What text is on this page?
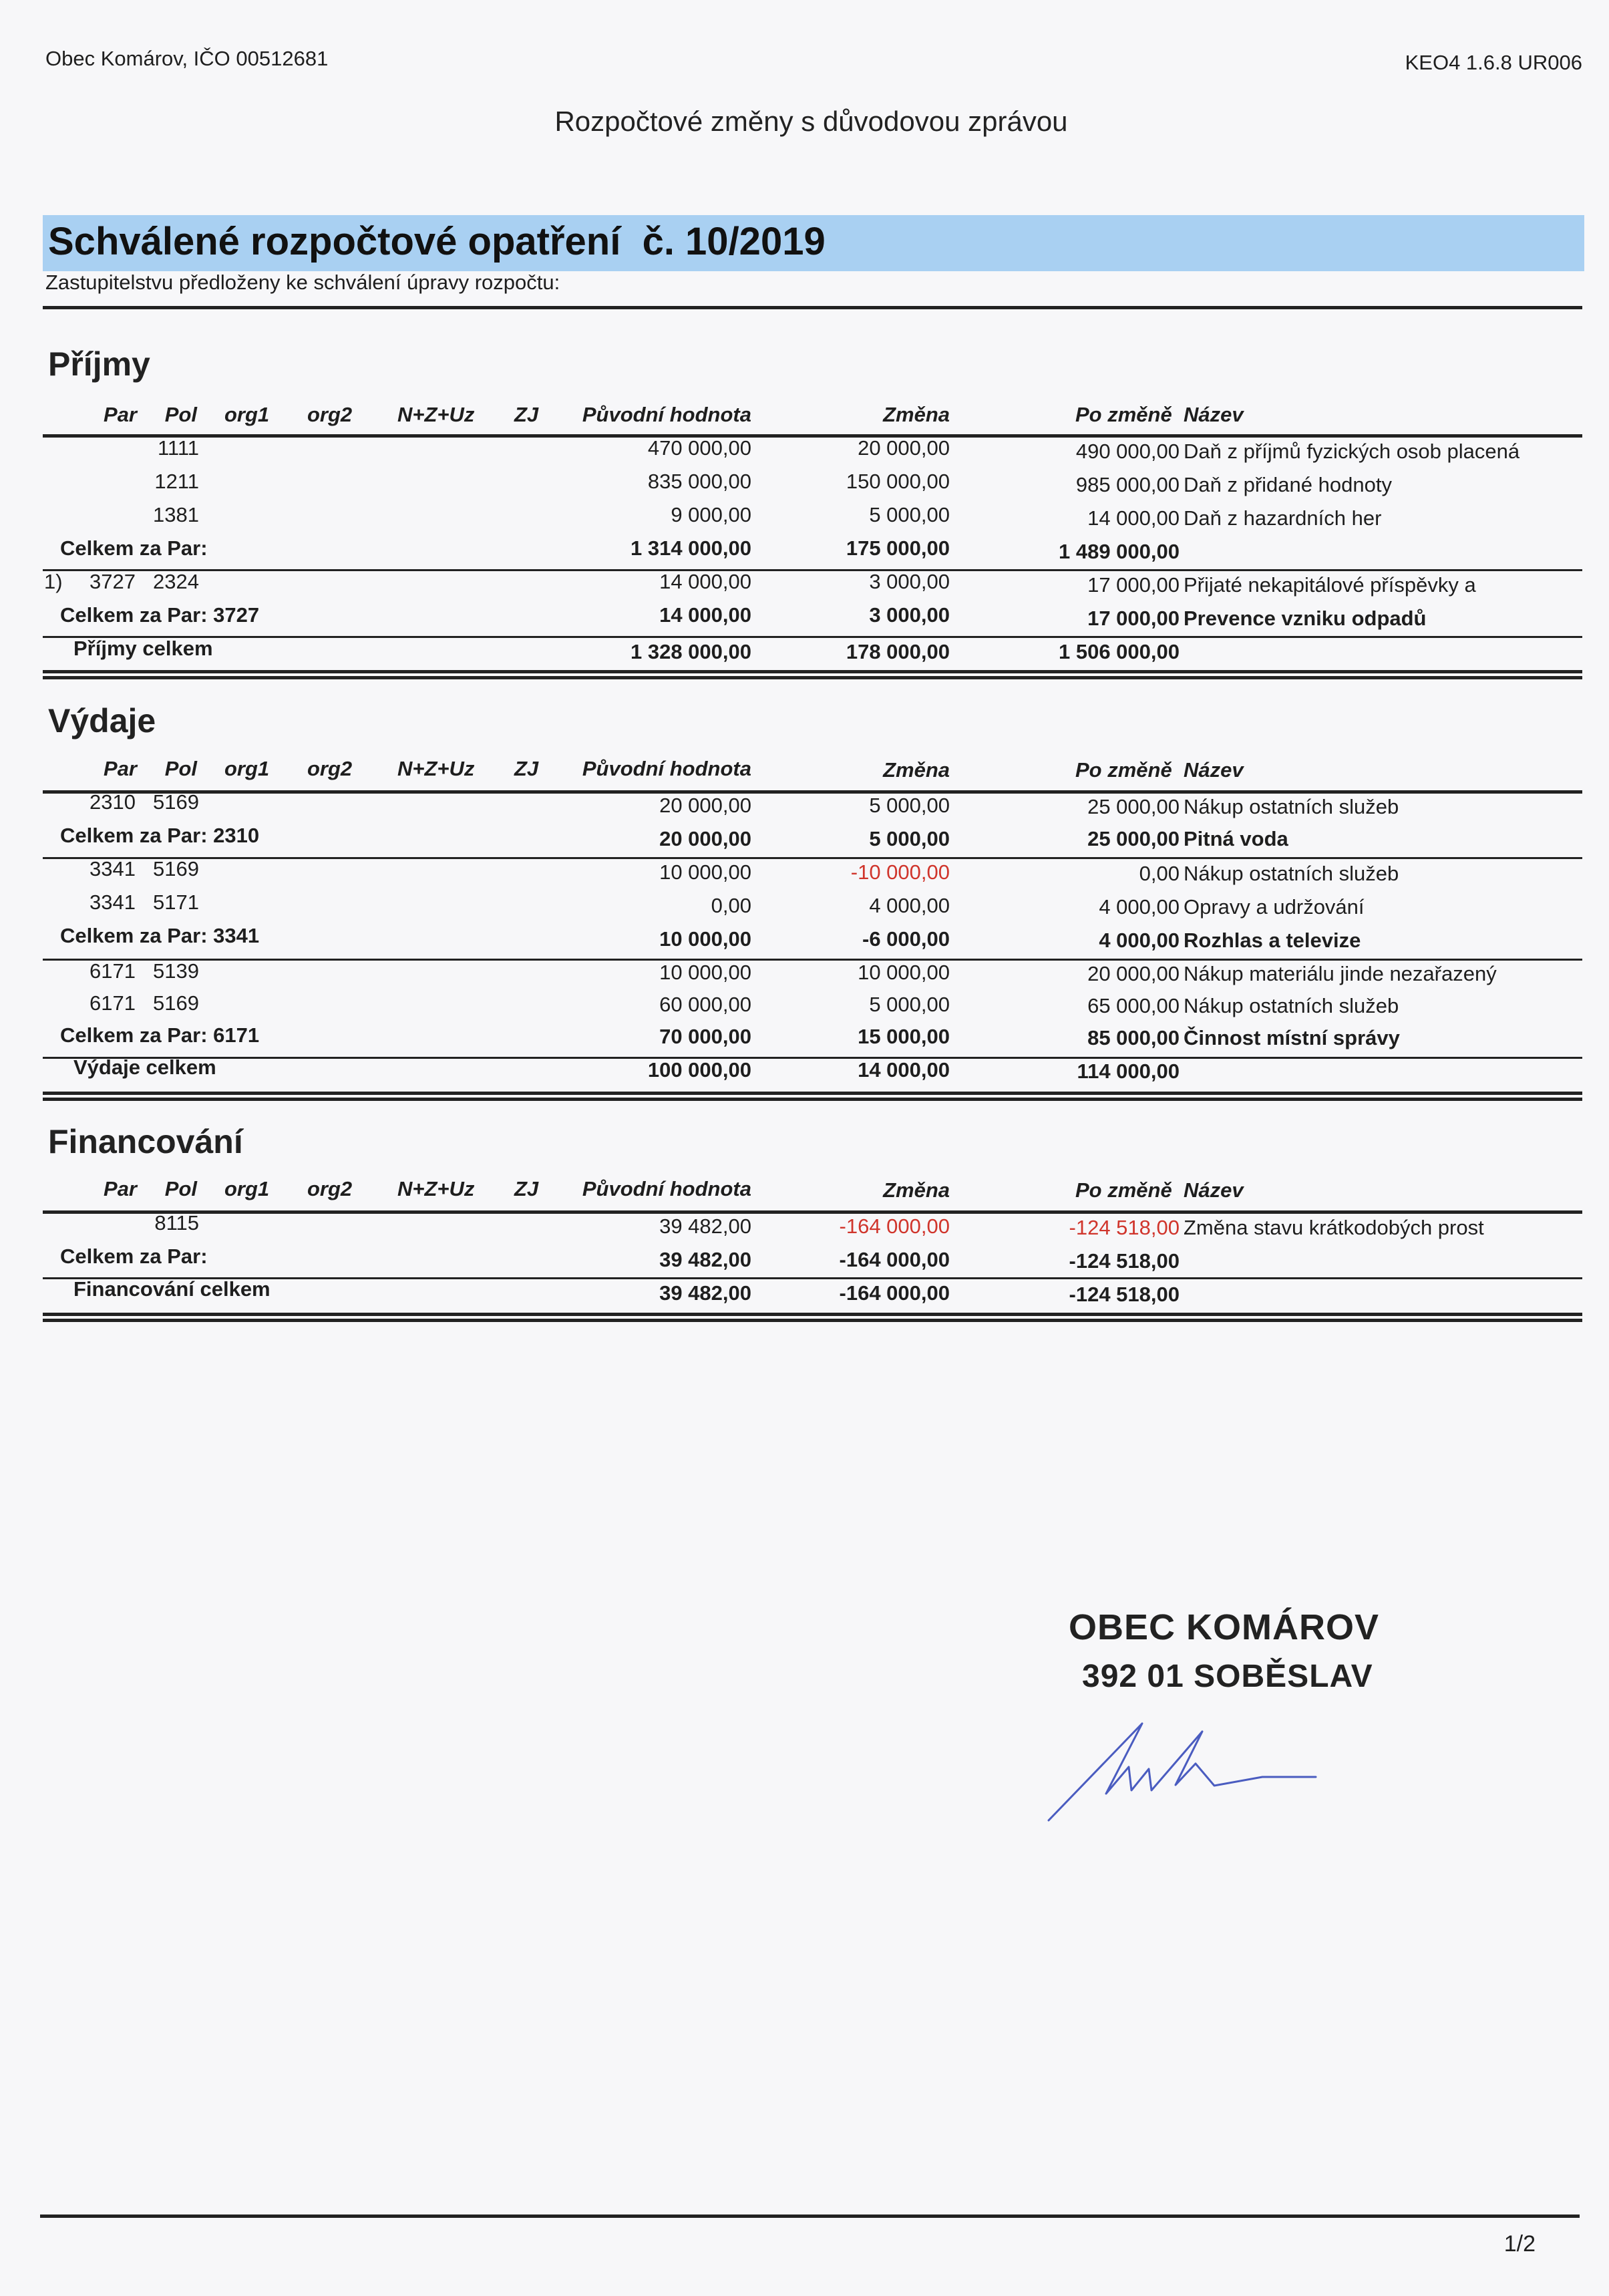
Obec Komárov, IČO 00512681	KEO4 1.6.8 UR006
Rozpočtové změny s důvodovou zprávou
Schválené rozpočtové opatření  č. 10/2019
Zastupitelstvu předloženy ke schválení úpravy rozpočtu:
Příjmy
Par	Pol org1 org2 N+Z+Uz ZJ	Původní hodnota	Změna	Po změně Název
1111	470 000,00	20 000,00	490 000,00 Daň z příjmů fyzických osob placená
1211	835 000,00	150 000,00	985 000,00 Daň z přidané hodnoty
1381	9 000,00	5 000,00	14 000,00 Daň z hazardních her
Celkem za Par:	1 314 000,00	175 000,00	1 489 000,00
1)	3727 2324	14 000,00	3 000,00	17 000,00 Přijaté nekapitálové příspěvky a
Celkem za Par: 3727	14 000,00	3 000,00	17 000,00 Prevence vzniku odpadů
Příjmy celkem	1 328 000,00	178 000,00	1 506 000,00
Výdaje
Par	Pol org1 org2 N+Z+Uz ZJ	Původní hodnota	Změna	Po změně Název
2310 5169	20 000,00	5 000,00	25 000,00 Nákup ostatních služeb
Celkem za Par: 2310	20 000,00	5 000,00	25 000,00 Pitná voda
3341 5169	10 000,00	-10 000,00	0,00 Nákup ostatních služeb
3341 5171	0,00	4 000,00	4 000,00 Opravy a udržování
Celkem za Par: 3341	10 000,00	-6 000,00	4 000,00 Rozhlas a televize
6171 5139	10 000,00	10 000,00	20 000,00 Nákup materiálu jinde nezařazený
6171 5169	60 000,00	5 000,00	65 000,00 Nákup ostatních služeb
Celkem za Par: 6171	70 000,00	15 000,00	85 000,00 Činnost místní správy
Výdaje celkem	100 000,00	14 000,00	114 000,00
Financování
Par	Pol org1 org2 N+Z+Uz ZJ	Původní hodnota	Změna	Po změně Název
8115	39 482,00	-164 000,00	-124 518,00 Změna stavu krátkodobých prost
Celkem za Par:	39 482,00	-164 000,00	-124 518,00
Financování celkem	39 482,00	-164 000,00	-124 518,00
OBEC KOMÁROV
392 01 SOBĚSLAV
1/2
